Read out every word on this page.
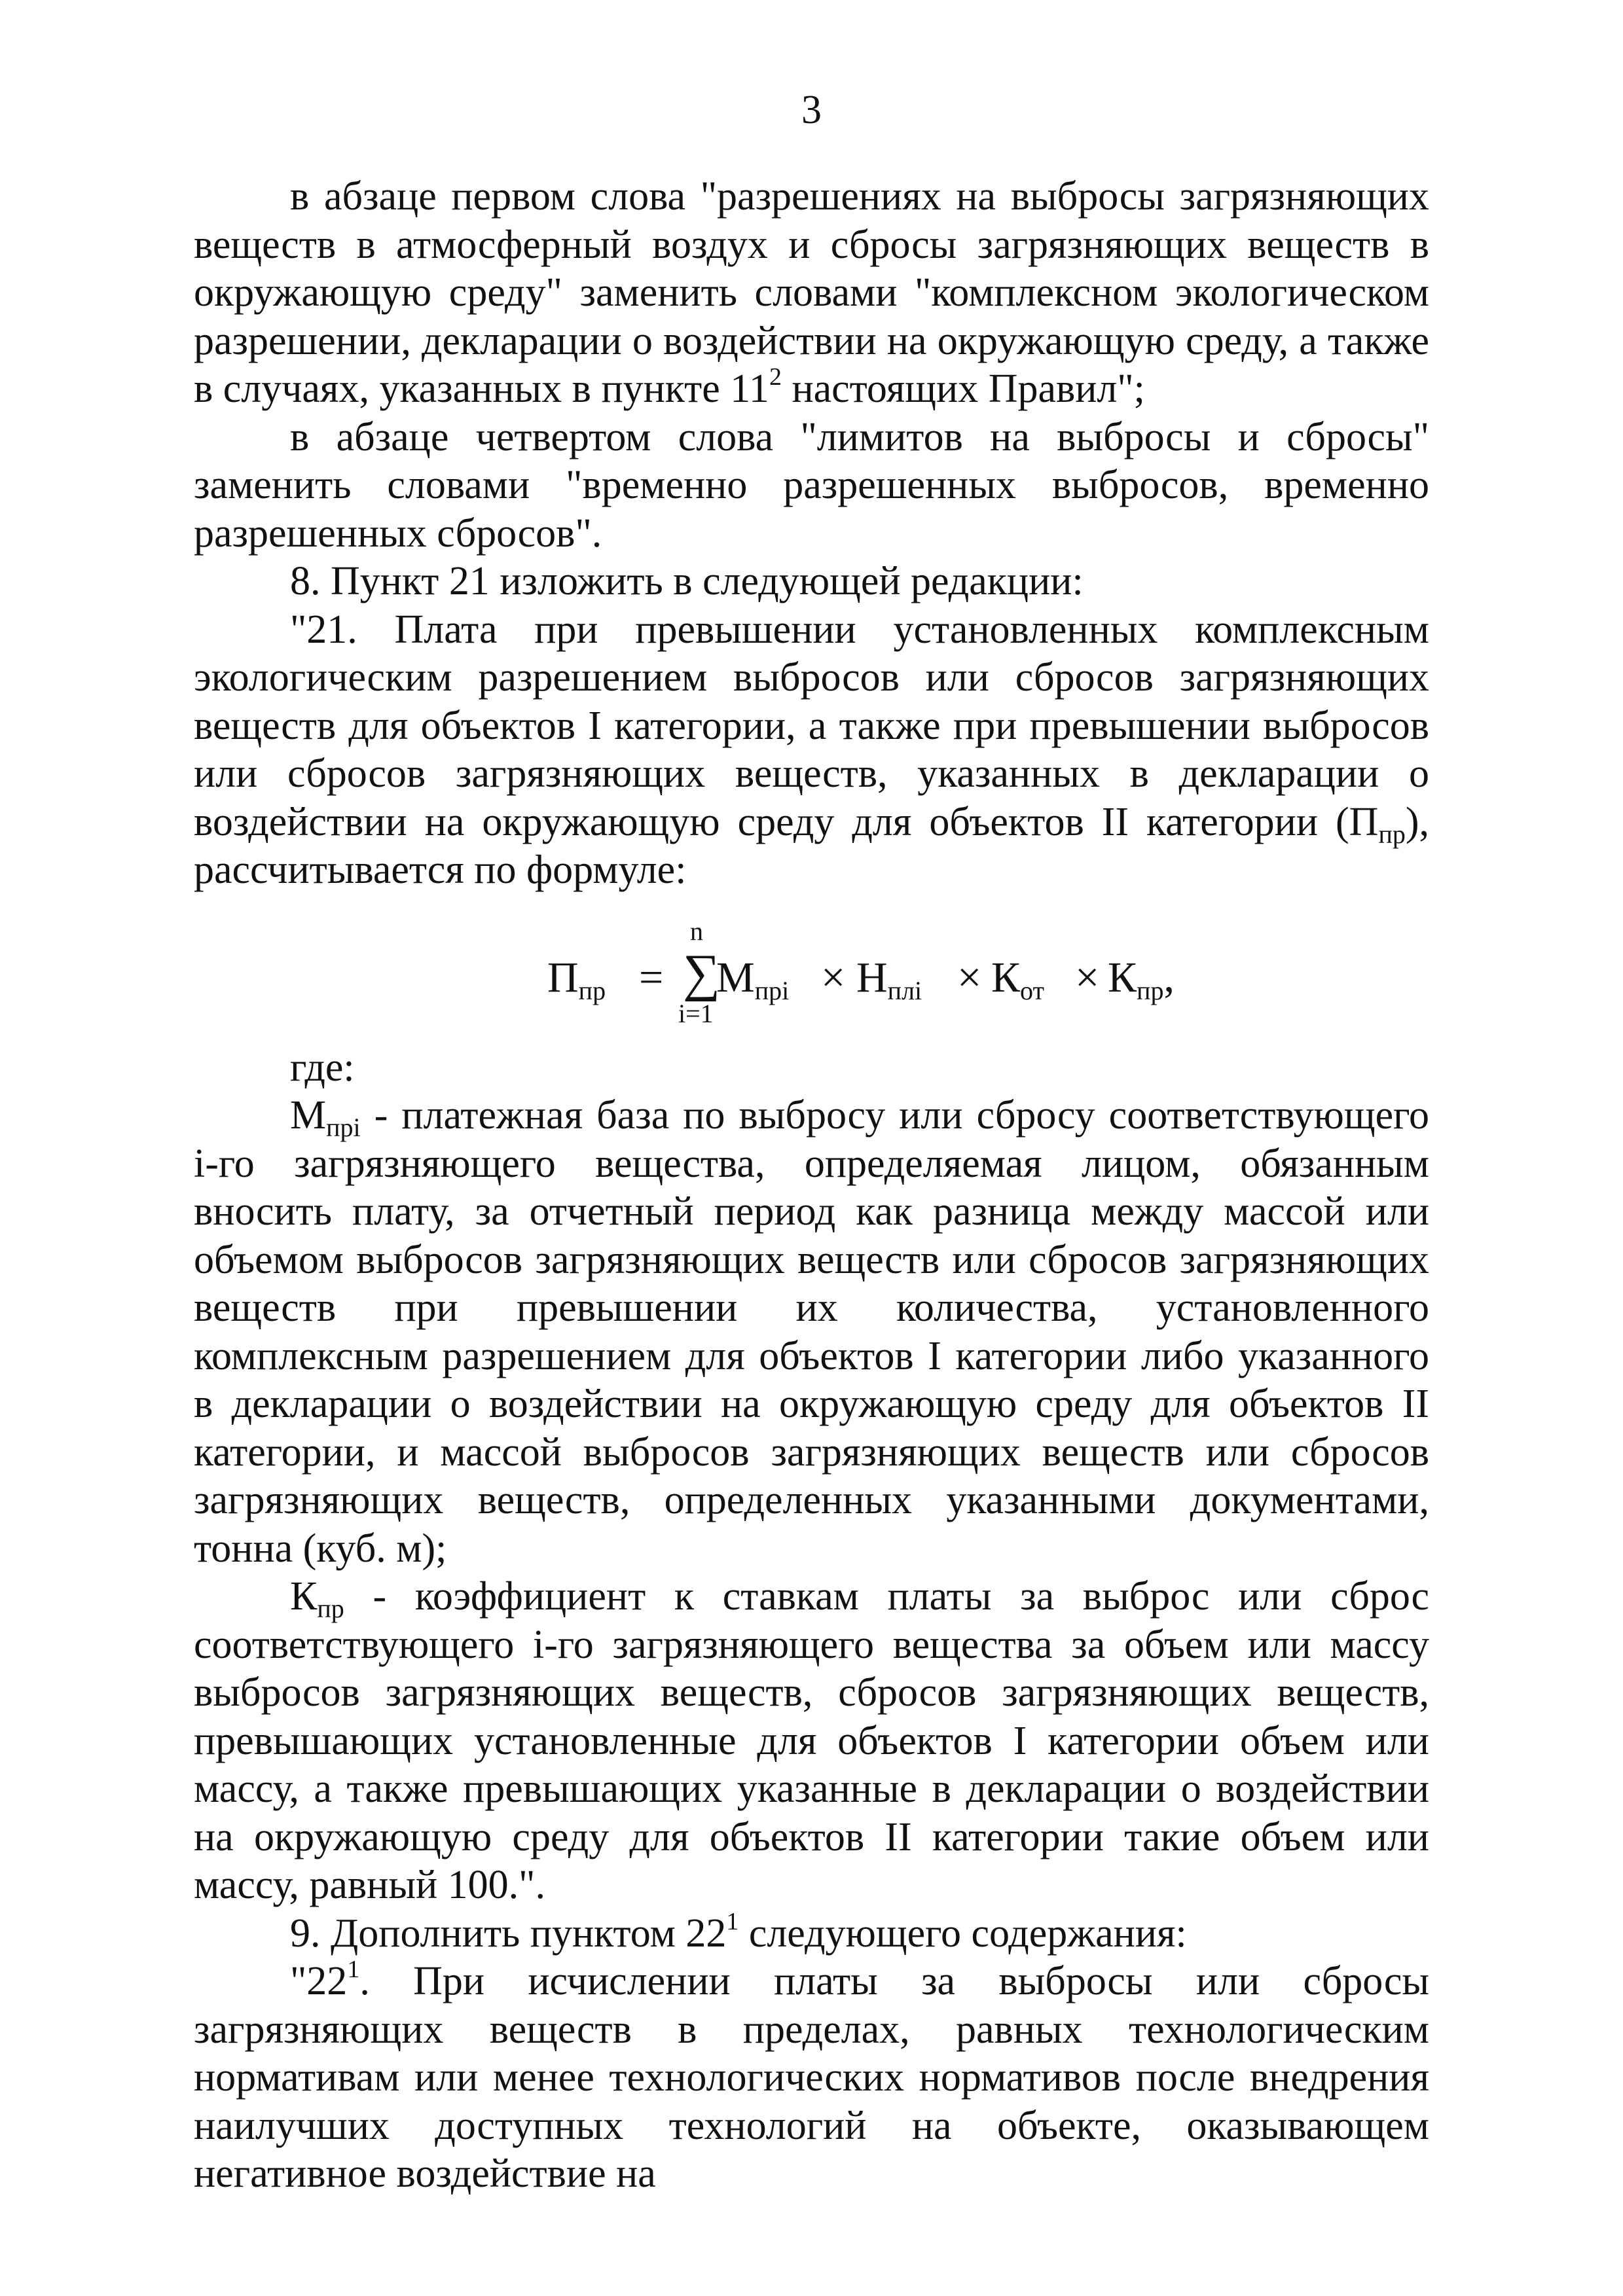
3

в абзаце первом слова "разрешениях на выбросы загрязняющих веществ в атмосферный воздух и сбросы загрязняющих веществ в окружающую среду" заменить словами "комплексном экологическом разрешении, декларации о воздействии на окружающую среду, а также в случаях, указанных в пункте $11^2$ настоящих Правил";

в абзаце четвертом слова "лимитов на выбросы и сбросы" заменить словами "временно разрешенных выбросов, временно разрешенных сбросов".

8. Пункт 21 изложить в следующей редакции:

"21. Плата при превышении установленных комплексным экологическим разрешением выбросов или сбросов загрязняющих веществ для объектов I категории, а также при превышении выбросов или сбросов загрязняющих веществ, указанных в декларации о воздействии на окружающую среду для объектов II категории $(П_{пр})$, рассчитывается по формуле:

$П_{пр}$ =
n
∑
i=1
$М_{прi} \times Н_{плi} \times К_{от} \times К_{пр}$,

где:

$М_{прi}$ - платежная база по выбросу или сбросу соответствующего i-го загрязняющего вещества, определяемая лицом, обязанным вносить плату, за отчетный период как разница между массой или объемом выбросов загрязняющих веществ или сбросов загрязняющих веществ при превышении их количества, установленного комплексным разрешением для объектов I категории либо указанного в декларации о воздействии на окружающую среду для объектов II категории, и массой выбросов загрязняющих веществ или сбросов загрязняющих веществ, определенных указанными документами, тонна (куб. м);

$К_{пр}$ - коэффициент к ставкам платы за выброс или сброс соответствующего i-го загрязняющего вещества за объем или массу выбросов загрязняющих веществ, сбросов загрязняющих веществ, превышающих установленные для объектов I категории объем или массу, а также превышающих указанные в декларации о воздействии на окружающую среду для объектов II категории такие объем или массу, равный 100.".

9. Дополнить пунктом $22^1$ следующего содержания:

"$22^1$. При исчислении платы за выбросы или сбросы загрязняющих веществ в пределах, равных технологическим нормативам или менее технологических нормативов после внедрения наилучших доступных технологий на объекте, оказывающем негативное воздействие на
